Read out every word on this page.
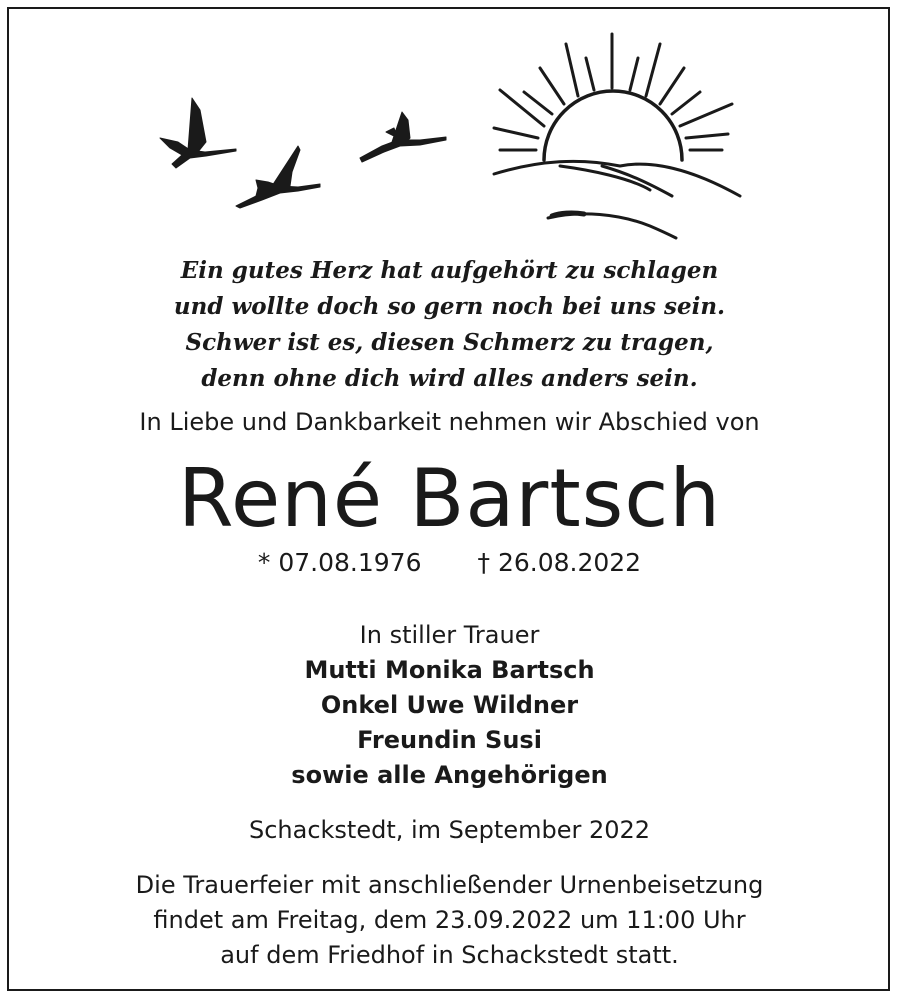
Ein gutes Herz hat aufgehört zu schlagen
und wollte doch so gern noch bei uns sein.
Schwer ist es, diesen Schmerz zu tragen,
denn ohne dich wird alles anders sein.
In Liebe und Dankbarkeit nehmen wir Abschied von
René Bartsch
* 07.08.1976 † 26.08.2022
In stiller Trauer
Mutti Monika Bartsch
Onkel Uwe Wildner
Freundin Susi
sowie alle Angehörigen
Schackstedt, im September 2022
Die Trauerfeier mit anschließender Urnenbeisetzung
findet am Freitag, dem 23.09.2022 um 11:00 Uhr
auf dem Friedhof in Schackstedt statt.
